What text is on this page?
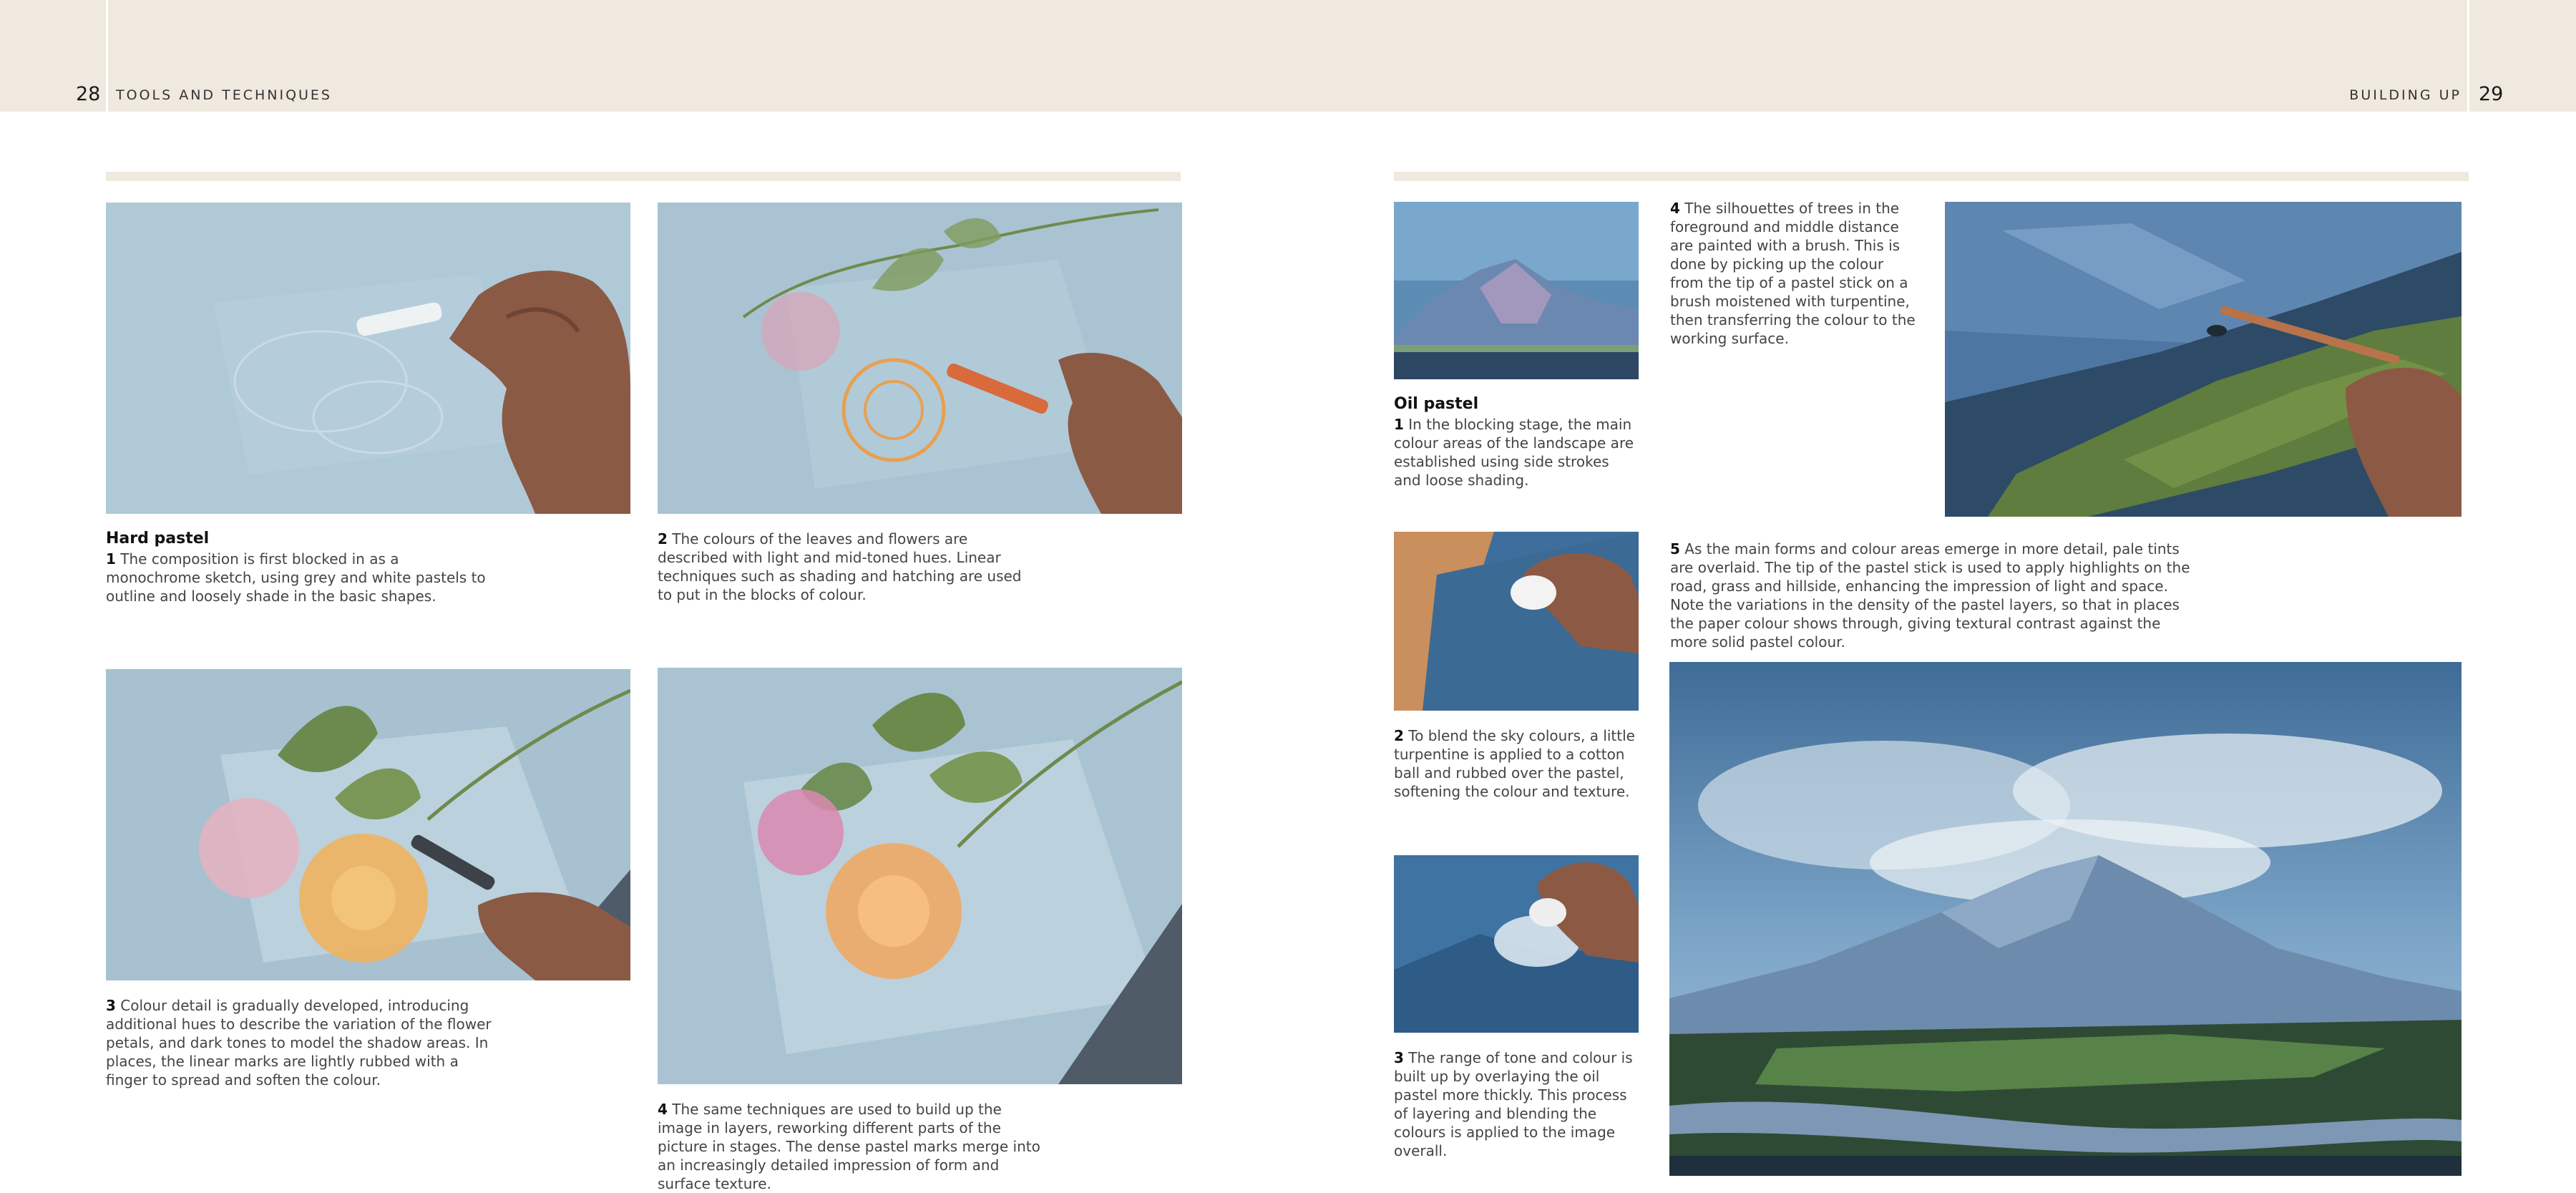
28 TOOLS AND TECHNIQUES	BUILDING UP 29
Hard pastel
1 The composition is first blocked in as a monochrome sketch, using grey and white pastels to outline and loosely shade in the basic shapes.
2 The colours of the leaves and flowers are described with light and mid-toned hues. Linear techniques such as shading and hatching are used to put in the blocks of colour.
3 Colour detail is gradually developed, introducing additional hues to describe the variation of the flower petals, and dark tones to model the shadow areas. In places, the linear marks are lightly rubbed with a finger to spread and soften the colour.
4 The same techniques are used to build up the image in layers, reworking different parts of the picture in stages. The dense pastel marks merge into an increasingly detailed impression of form and surface texture.
Oil pastel
1 In the blocking stage, the main colour areas of the landscape are established using side strokes and loose shading.
4 The silhouettes of trees in the foreground and middle distance are painted with a brush. This is done by picking up the colour from the tip of a pastel stick on a brush moistened with turpentine, then transferring the colour to the working surface.
2 To blend the sky colours, a little turpentine is applied to a cotton ball and rubbed over the pastel, softening the colour and texture.
5 As the main forms and colour areas emerge in more detail, pale tints are overlaid. The tip of the pastel stick is used to apply highlights on the road, grass and hillside, enhancing the impression of light and space. Note the variations in the density of the pastel layers, so that in places the paper colour shows through, giving textural contrast against the more solid pastel colour.
3 The range of tone and colour is built up by overlaying the oil pastel more thickly. This process of layering and blending the colours is applied to the image overall.
